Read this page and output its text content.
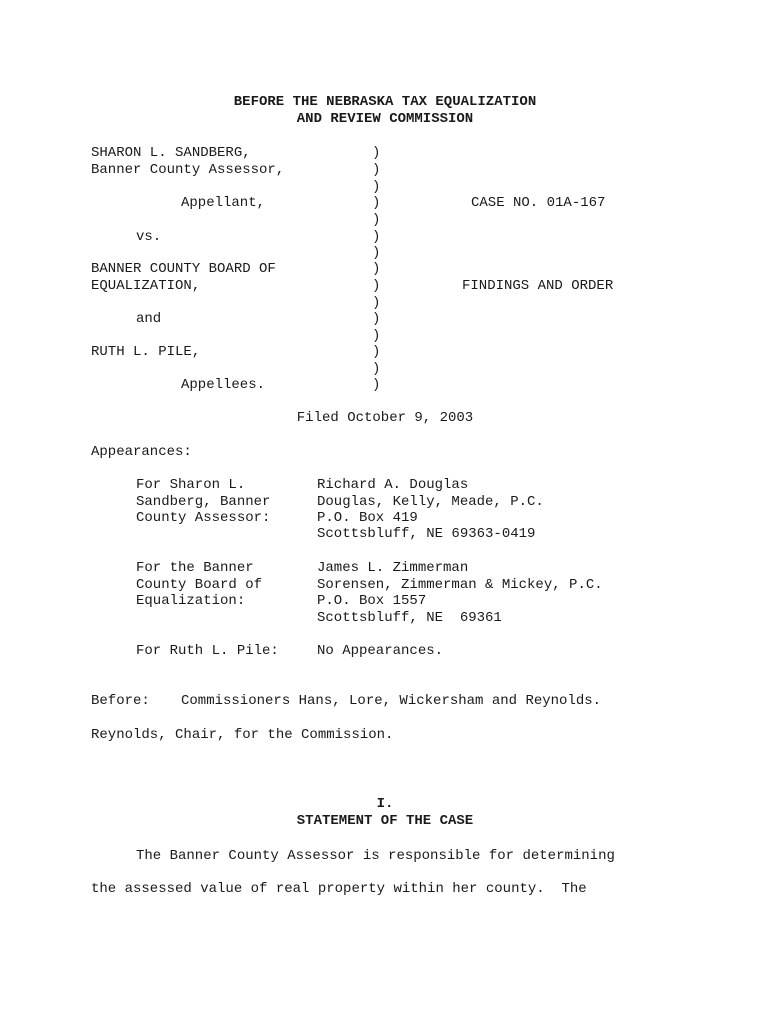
BEFORE THE NEBRASKA TAX EQUALIZATION
AND REVIEW COMMISSION
SHARON L. SANDBERG,
Banner County Assessor,
Appellant,
vs.
BANNER COUNTY BOARD OF
EQUALIZATION,
and
RUTH L. PILE,
Appellees.
)
)
)
)
)
)
)
)
)
)
)
)
)
)
)
CASE NO. 01A-167
FINDINGS AND ORDER
Filed October 9, 2003
Appearances:
For Sharon L.
Sandberg, Banner
County Assessor:
Richard A. Douglas
Douglas, Kelly, Meade, P.C.
P.O. Box 419
Scottsbluff, NE 69363-0419
For the Banner
County Board of
Equalization:
James L. Zimmerman
Sorensen, Zimmerman & Mickey, P.C.
P.O. Box 1557
Scottsbluff, NE  69361
For Ruth L. Pile:	No Appearances.
Before: Commissioners Hans, Lore, Wickersham and Reynolds.
Reynolds, Chair, for the Commission.
I.
STATEMENT OF THE CASE
The Banner County Assessor is responsible for determining
the assessed value of real property within her county.  The
